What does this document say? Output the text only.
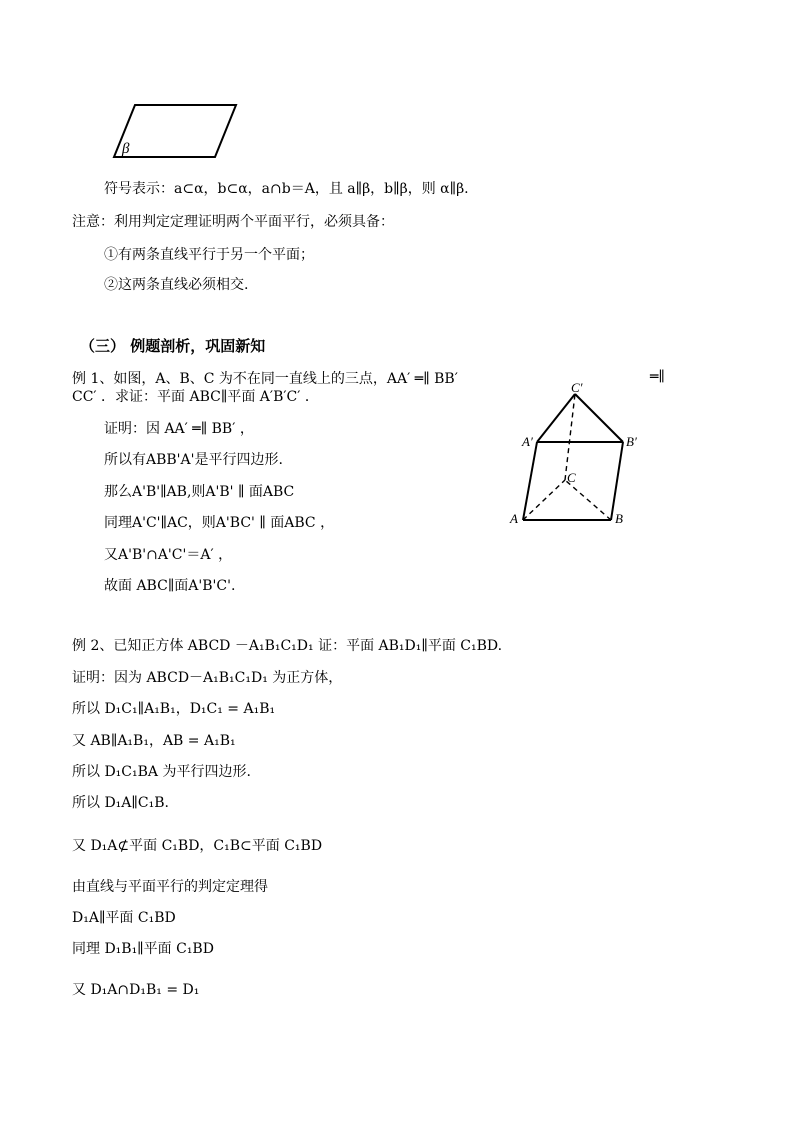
β
符号表示：a⊂α，b⊂α，a∩b＝A，且 a∥β，b∥β，则 α∥β.
注意：利用判定定理证明两个平面平行，必须具备：
①有两条直线平行于另一个平面；
②这两条直线必须相交.
（三） 例题剖析，巩固新知
例 1、如图，A、B、C 为不在同一直线上的三点，AA′ ═∥ BB′	═∥
CC′ ．求证：平面 ABC∥平面 A′B′C′ ．
证明：因 AA′ ═∥ BB′ ，
所以有ABB'A'是平行四边形.
那么A'B'∥AB,则A'B' ∥ 面ABC
同理A'C'∥AC，则A'BC' ∥ 面ABC ，
又A'B'∩A'C'＝A′ ，
故面 ABC∥面A'B'C'.
C′
A′	B′
C
A	B
例 2、已知正方体 ABCD －A₁B₁C₁D₁ 证：平面 AB₁D₁∥平面 C₁BD.
证明：因为 ABCD－A₁B₁C₁D₁ 为正方体，
所以 D₁C₁∥A₁B₁，D₁C₁ = A₁B₁
又 AB∥A₁B₁，AB = A₁B₁
所以 D₁C₁BA 为平行四边形.
所以 D₁A∥C₁B.
又 D₁A⊄平面 C₁BD，C₁B⊂平面 C₁BD
由直线与平面平行的判定定理得
D₁A∥平面 C₁BD
同理 D₁B₁∥平面 C₁BD
又 D₁A∩D₁B₁ = D₁
